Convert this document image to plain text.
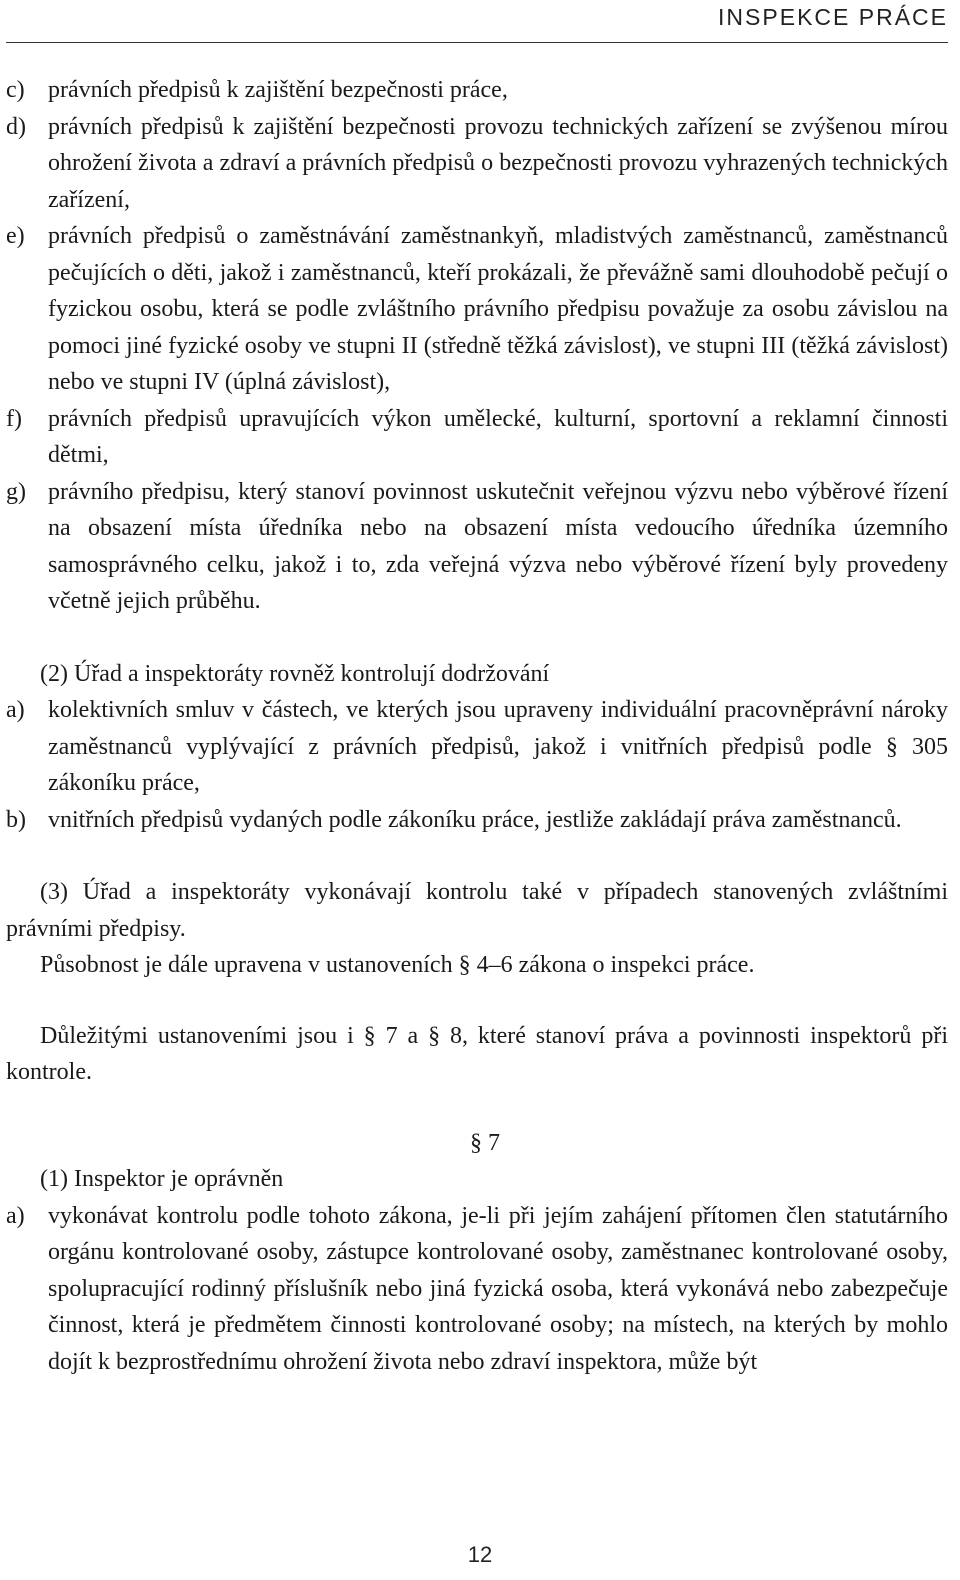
INSPEKCE PRÁCE
c) právních předpisů k zajištění bezpečnosti práce,
d) právních předpisů k zajištění bezpečnosti provozu technických zařízení se zvýšenou mírou ohrožení života a zdraví a právních předpisů o bezpečnosti provozu vyhrazených technických zařízení,
e) právních předpisů o zaměstnávání zaměstnankyň, mladistvých zaměstnanců, zaměstnanců pečujících o děti, jakož i zaměstnanců, kteří prokázali, že převážně sami dlouhodobě pečují o fyzickou osobu, která se podle zvláštního právního předpisu považuje za osobu závislou na pomoci jiné fyzické osoby ve stupni II (středně těžká závislost), ve stupni III (těžká závislost) nebo ve stupni IV (úplná závislost),
f) právních předpisů upravujících výkon umělecké, kulturní, sportovní a reklamní činnosti dětmi,
g) právního předpisu, který stanoví povinnost uskutečnit veřejnou výzvu nebo výběrové řízení na obsazení místa úředníka nebo na obsazení místa vedoucího úředníka územního samosprávného celku, jakož i to, zda veřejná výzva nebo výběrové řízení byly provedeny včetně jejich průběhu.
(2) Úřad a inspektoráty rovněž kontrolují dodržování
a) kolektivních smluv v částech, ve kterých jsou upraveny individuální pracovněprávní nároky zaměstnanců vyplývající z právních předpisů, jakož i vnitřních předpisů podle § 305 zákoníku práce,
b) vnitřních předpisů vydaných podle zákoníku práce, jestliže zakládají práva zaměstnanců.
(3) Úřad a inspektoráty vykonávají kontrolu také v případech stanovených zvláštními právními předpisy.
Působnost je dále upravena v ustanoveních § 4–6 zákona o inspekci práce.
Důležitými ustanoveními jsou i § 7 a § 8, které stanoví práva a povinnosti inspektorů při kontrole.
§ 7
(1) Inspektor je oprávněn
a) vykonávat kontrolu podle tohoto zákona, je-li při jejím zahájení přítomen člen statutárního orgánu kontrolované osoby, zástupce kontrolované osoby, zaměstnanec kontrolované osoby, spolupracující rodinný příslušník nebo jiná fyzická osoba, která vykonává nebo zabezpečuje činnost, která je předmětem činnosti kontrolované osoby; na místech, na kterých by mohlo dojít k bezprostřednímu ohrožení života nebo zdraví inspektora, může být
12
